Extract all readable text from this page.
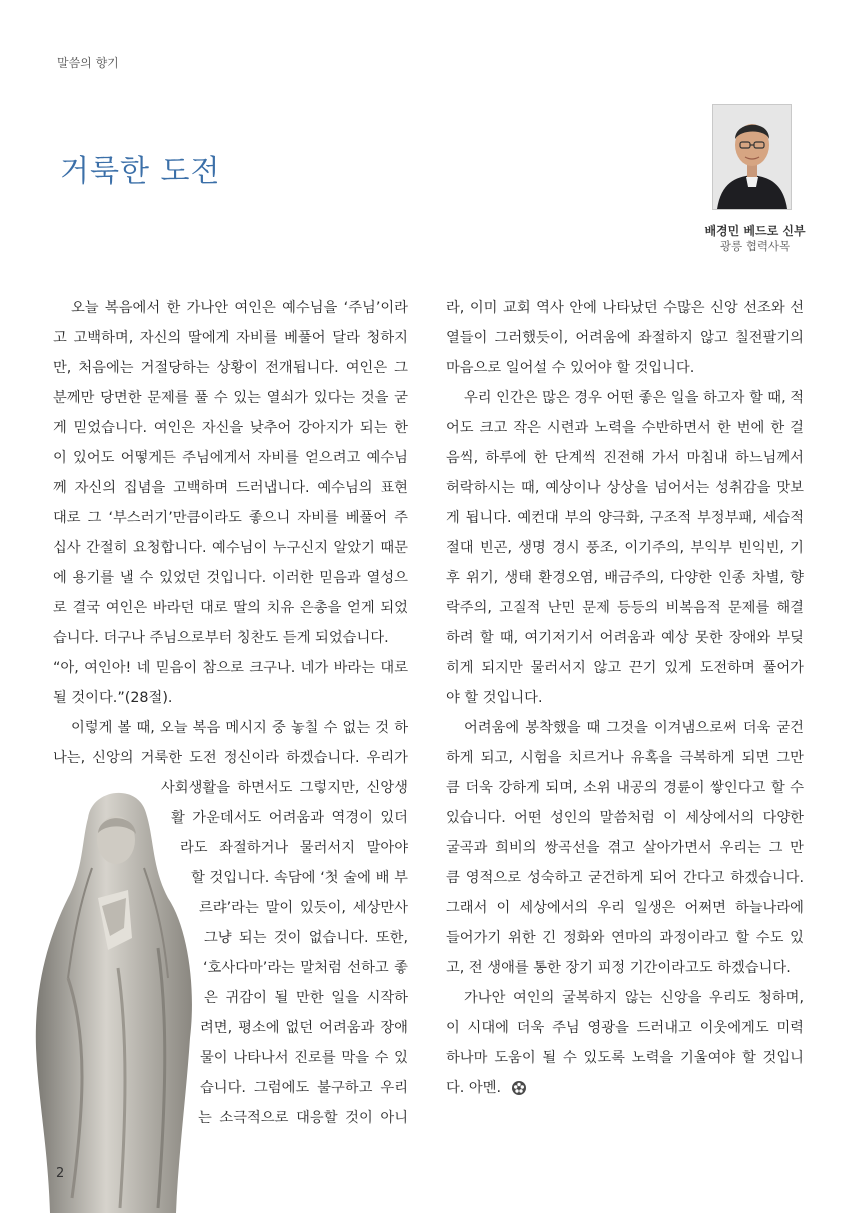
말씀의 향기
거룩한 도전
배경민 베드로 신부
광릉 협력사목

오늘 복음에서 한 가나안 여인은 예수님을 ‘주님’이라

고 고백하며, 자신의 딸에게 자비를 베풀어 달라 청하지

만, 처음에는 거절당하는 상황이 전개됩니다. 여인은 그

분께만 당면한 문제를 풀 수 있는 열쇠가 있다는 것을 굳

게 믿었습니다. 여인은 자신을 낮추어 강아지가 되는 한

이 있어도 어떻게든 주님에게서 자비를 얻으려고 예수님

께 자신의 집념을 고백하며 드러냅니다. 예수님의 표현

대로 그 ‘부스러기’만큼이라도 좋으니 자비를 베풀어 주

십사 간절히 요청합니다. 예수님이 누구신지 알았기 때문

에 용기를 낼 수 있었던 것입니다. 이러한 믿음과 열성으

로 결국 여인은 바라던 대로 딸의 치유 은총을 얻게 되었

습니다. 더구나 주님으로부터 칭찬도 듣게 되었습니다.

“아, 여인아! 네 믿음이 참으로 크구나. 네가 바라는 대로

될 것이다.”(28절).

이렇게 볼 때, 오늘 복음 메시지 중 놓칠 수 없는 것 하

나는, 신앙의 거룩한 도전 정신이라 하겠습니다. 우리가

사회생활을 하면서도 그렇지만, 신앙생

활 가운데서도 어려움과 역경이 있더

라도 좌절하거나 물러서지 말아야

할 것입니다. 속담에 ‘첫 술에 배 부

르랴’라는 말이 있듯이, 세상만사

그냥 되는 것이 없습니다. 또한,

‘호사다마’라는 말처럼 선하고 좋

은 귀감이 될 만한 일을 시작하

려면, 평소에 없던 어려움과 장애

물이 나타나서 진로를 막을 수 있

습니다. 그럼에도 불구하고 우리

는 소극적으로 대응할 것이 아니

라, 이미 교회 역사 안에 나타났던 수많은 신앙 선조와 선

열들이 그러했듯이, 어려움에 좌절하지 않고 칠전팔기의

마음으로 일어설 수 있어야 할 것입니다.

우리 인간은 많은 경우 어떤 좋은 일을 하고자 할 때, 적

어도 크고 작은 시련과 노력을 수반하면서 한 번에 한 걸

음씩, 하루에 한 단계씩 진전해 가서 마침내 하느님께서

허락하시는 때, 예상이나 상상을 넘어서는 성취감을 맛보

게 됩니다. 예컨대 부의 양극화, 구조적 부정부패, 세습적

절대 빈곤, 생명 경시 풍조, 이기주의, 부익부 빈익빈, 기

후 위기, 생태 환경오염, 배금주의, 다양한 인종 차별, 향

락주의, 고질적 난민 문제 등등의 비복음적 문제를 해결

하려 할 때, 여기저기서 어려움과 예상 못한 장애와 부딪

히게 되지만 물러서지 않고 끈기 있게 도전하며 풀어가

야 할 것입니다.

어려움에 봉착했을 때 그것을 이겨냄으로써 더욱 굳건

하게 되고, 시험을 치르거나 유혹을 극복하게 되면 그만

큼 더욱 강하게 되며, 소위 내공의 경륜이 쌓인다고 할 수

있습니다. 어떤 성인의 말씀처럼 이 세상에서의 다양한

굴곡과 희비의 쌍곡선을 겪고 살아가면서 우리는 그 만

큼 영적으로 성숙하고 굳건하게 되어 간다고 하겠습니다.

그래서 이 세상에서의 우리 일생은 어쩌면 하늘나라에

들어가기 위한 긴 정화와 연마의 과정이라고 할 수도 있

고, 전 생애를 통한 장기 피정 기간이라고도 하겠습니다.

가나안 여인의 굴복하지 않는 신앙을 우리도 청하며,

이 시대에 더욱 주님 영광을 드러내고 이웃에게도 미력

하나마 도움이 될 수 있도록 노력을 기울여야 할 것입니

다. 아멘.

2
